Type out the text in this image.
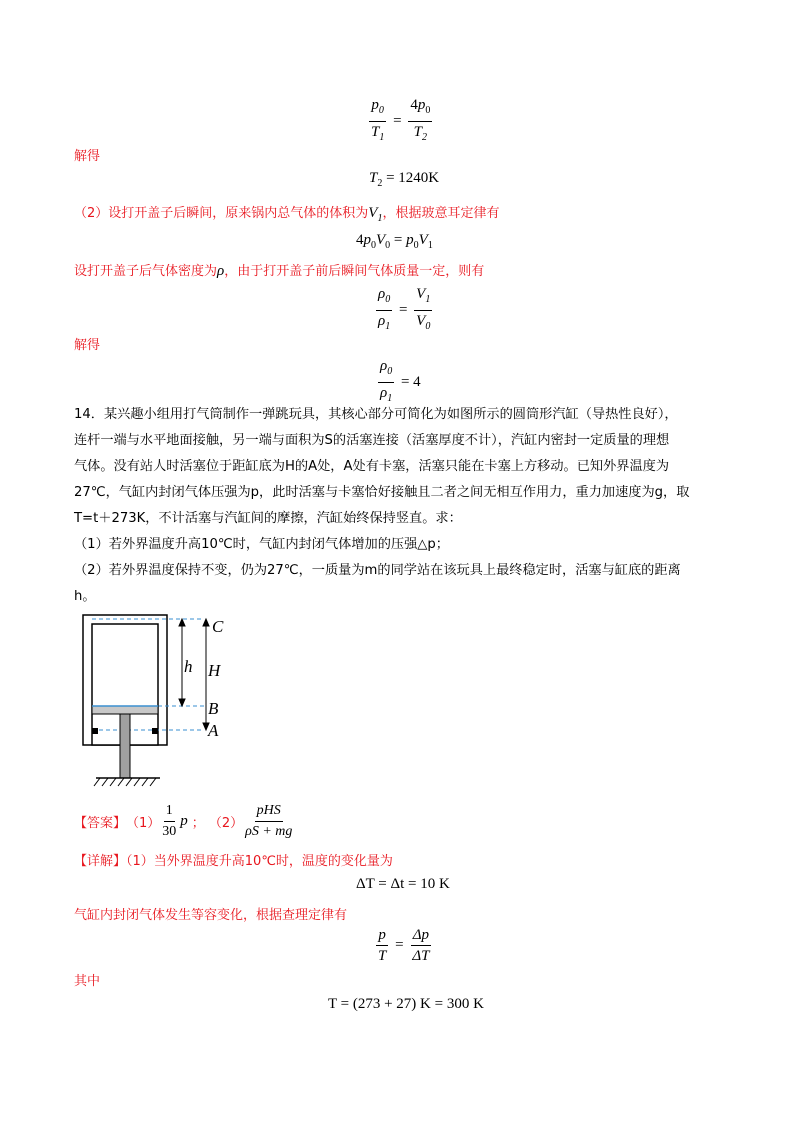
$\frac{p_0}{T_1} = \frac{4p_0}{T_2}$
解得
$T_2 = 1240K$
（2）设打开盖子后瞬间，原来锅内总气体的体积为$V_1$，根据玻意耳定律有
$4p_0V_0 = p_0V_1$
设打开盖子后气体密度为ρ，由于打开盖子前后瞬间气体质量一定，则有
$\frac{\rho_0}{\rho_1} = \frac{V_1}{V_0}$
解得
$\frac{\rho_0}{\rho_1} = 4$
14．某兴趣小组用打气筒制作一弹跳玩具，其核心部分可简化为如图所示的圆筒形汽缸（导热性良好），
连杆一端与水平地面接触，另一端与面积为S的活塞连接（活塞厚度不计），汽缸内密封一定质量的理想
气体。没有站人时活塞位于距缸底为H的A处，A处有卡塞，活塞只能在卡塞上方移动。已知外界温度为
27℃，气缸内封闭气体压强为p，此时活塞与卡塞恰好接触且二者之间无相互作用力，重力加速度为g，取
T=t＋273K，不计活塞与汽缸间的摩擦，汽缸始终保持竖直。求：
（1）若外界温度升高10℃时，气缸内封闭气体增加的压强△p；
（2）若外界温度保持不变，仍为27℃，一质量为m的同学站在该玩具上最终稳定时，活塞与缸底的距离
h。
C
h H
B
A
【答案】 $(1) \frac{1}{30}$ p ； $(2) \frac{\text{pHS}}{\rho S + mg}$
【详解】（1）当外界温度升高10℃时，温度的变化量为
ΔT = Δt = 10 K
气缸内封闭气体发生等容变化，根据查理定律有
$\frac{p}{T} = \frac{\Delta p}{\Delta T}$
其中
T = (273 + 27) K = 300 K
